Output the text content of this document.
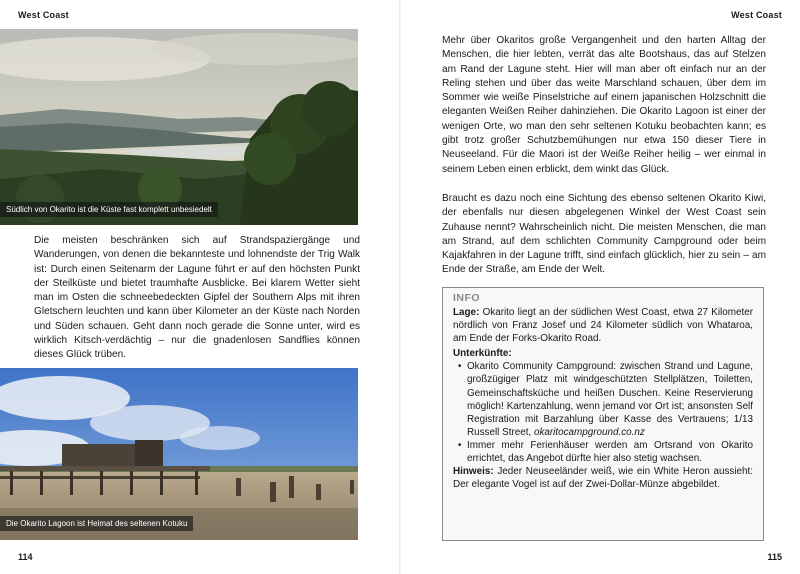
West Coast
Südlich von Okarito ist die Küste fast komplett unbesiedelt

Die meisten beschränken sich auf Strandspaziergänge und Wanderungen, von denen die bekannteste und lohnendste der Trig Walk ist: Durch einen Seitenarm der Lagune führt er auf den höchsten Punkt der Steilküste und bietet traumhafte Ausblicke. Bei klarem Wetter sieht man im Osten die schneebedeckten Gipfel der Southern Alps mit ihren Gletschern leuchten und kann über Kilometer an der Küste nach Norden und Süden schauen. Geht dann noch gerade die Sonne unter, wird es wirklich Kitsch-verdächtig – nur die gnadenlosen Sandflies können dieses Glück trüben.

Die Okarito Lagoon ist Heimat des seltenen Kotuku
114
West Coast

Mehr über Okaritos große Vergangenheit und den harten Alltag der Menschen, die hier lebten, verrät das alte Bootshaus, das auf Stelzen am Rand der Lagune steht. Hier will man aber oft einfach nur an der Reling stehen und über das weite Marschland schauen, über dem im Sommer wie weiße Pinselstriche auf einem japanischen Holzschnitt die eleganten Weißen Reiher dahinziehen. Die Okarito Lagoon ist einer der wenigen Orte, wo man den sehr seltenen Kotuku beobachten kann; es gibt trotz großer Schutzbemühungen nur etwa 150 dieser Tiere in Neuseeland. Für die Maori ist der Weiße Reiher heilig – wer einmal in seinem Leben einen erblickt, dem winkt das Glück.

Braucht es dazu noch eine Sichtung des ebenso seltenen Okarito Kiwi, der ebenfalls nur diesen abgelegenen Winkel der West Coast sein Zuhause nennt? Wahrscheinlich nicht. Die meisten Menschen, die man am Strand, auf dem schlichten Community Campground oder beim Kajakfahren in der Lagune trifft, sind einfach glücklich, hier zu sein – am Ende der Straße, am Ende der Welt.

INFO

Lage: Okarito liegt an der südlichen West Coast, etwa 27 Kilometer nördlich von Franz Josef und 24 Kilometer südlich von Whataroa, am Ende der Forks-Okarito Road.

Unterkünfte:

• Okarito Community Campground: zwischen Strand und Lagune, großzügiger Platz mit windgeschützten Stellplätzen, Toiletten, Gemeinschaftsküche und heißen Duschen. Keine Reservierung möglich! Kartenzahlung, wenn jemand vor Ort ist; ansonsten Self Registration mit Barzahlung über Kasse des Vertrauens; 1/13 Russell Street, okaritocampground.co.nz
• Immer mehr Ferienhäuser werden am Ortsrand von Okarito errichtet, das Angebot dürfte hier also stetig wachsen.

Hinweis: Jeder Neuseeländer weiß, wie ein White Heron aussieht: Der elegante Vogel ist auf der Zwei-Dollar-Münze abgebildet.

115
